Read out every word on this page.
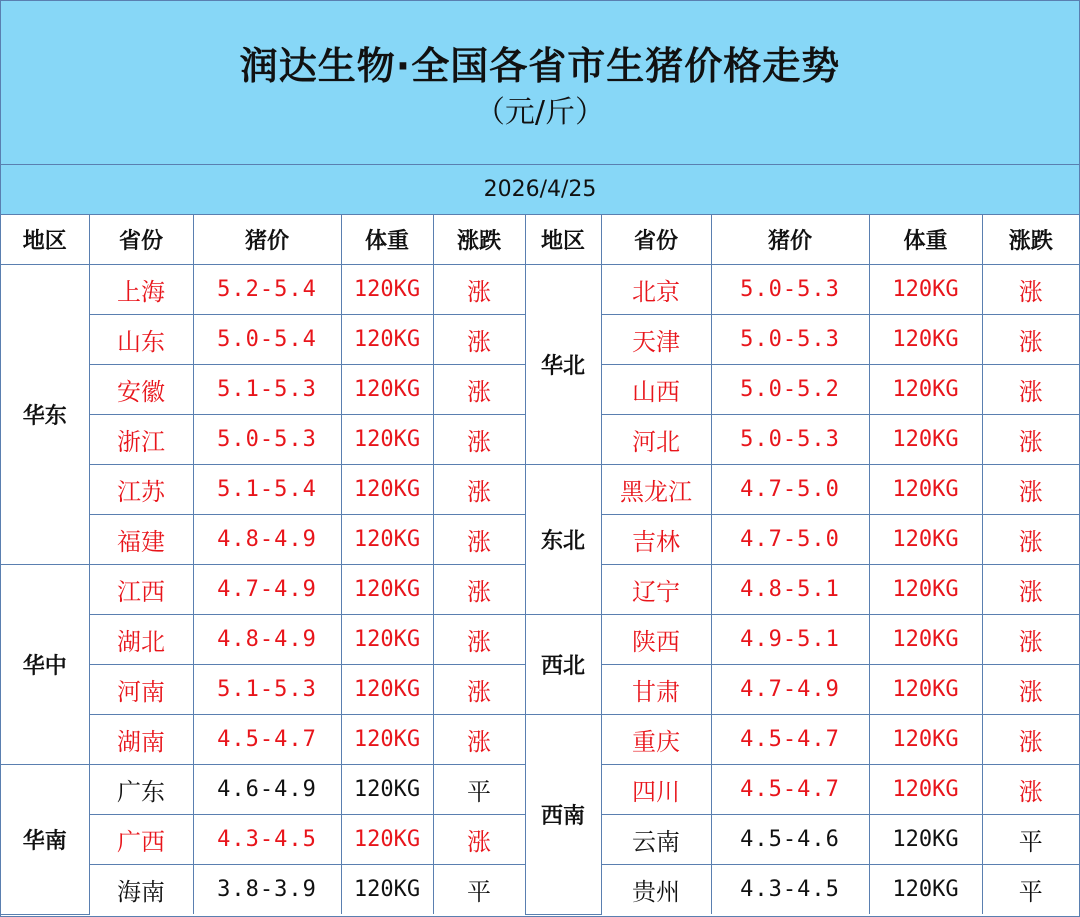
润达生物·全国各省市生猪价格走势
（元/斤）
2026/4/25
地区	省份	猪价	体重	涨跌	地区	省份	猪价	体重	涨跌
华东	上海	5.2-5.4	120KG	涨	华北	北京	5.0-5.3	120KG	涨
	山东	5.0-5.4	120KG	涨		天津	5.0-5.3	120KG	涨
	安徽	5.1-5.3	120KG	涨		山西	5.0-5.2	120KG	涨
	浙江	5.0-5.3	120KG	涨		河北	5.0-5.3	120KG	涨
	江苏	5.1-5.4	120KG	涨	东北	黑龙江	4.7-5.0	120KG	涨
	福建	4.8-4.9	120KG	涨		吉林	4.7-5.0	120KG	涨
华中	江西	4.7-4.9	120KG	涨		辽宁	4.8-5.1	120KG	涨
	湖北	4.8-4.9	120KG	涨	西北	陕西	4.9-5.1	120KG	涨
	河南	5.1-5.3	120KG	涨		甘肃	4.7-4.9	120KG	涨
	湖南	4.5-4.7	120KG	涨	西南	重庆	4.5-4.7	120KG	涨
华南	广东	4.6-4.9	120KG	平		四川	4.5-4.7	120KG	涨
	广西	4.3-4.5	120KG	涨		云南	4.5-4.6	120KG	平
	海南	3.8-3.9	120KG	平		贵州	4.3-4.5	120KG	平
